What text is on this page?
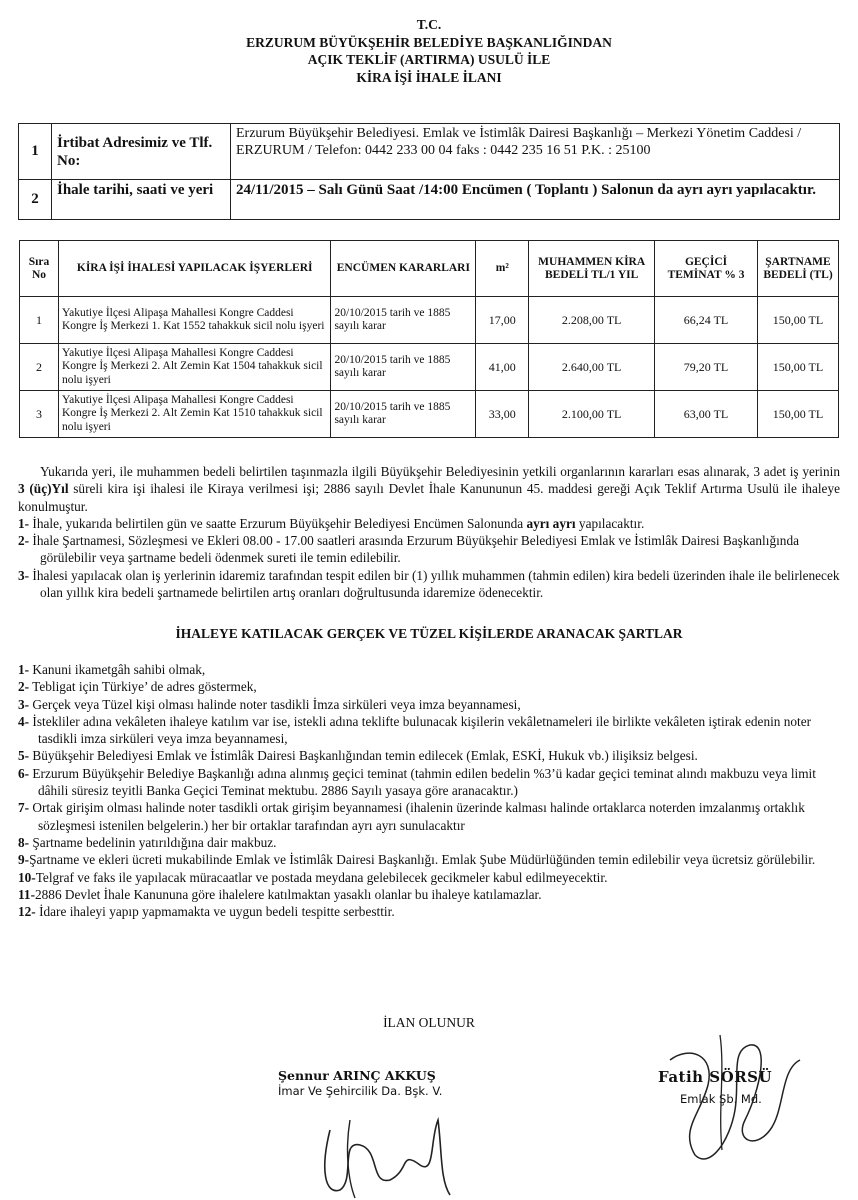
T.C.
ERZURUM BÜYÜKŞEHİR BELEDİYE BAŞKANLIĞINDAN
AÇIK TEKLİF (ARTIRMA) USULÜ İLE
KİRA İŞİ İHALE İLANI
1	İrtibat Adresimiz ve Tlf. No:	Erzurum Büyükşehir Belediyesi. Emlak ve İstimlâk Dairesi Başkanlığı – Merkezi Yönetim Caddesi / ERZURUM / Telefon: 0442 233 00 04 faks : 0442 235 16 51 P.K. : 25100
2	İhale tarihi, saati ve yeri	24/11/2015 – Salı Günü Saat /14:00 Encümen ( Toplantı ) Salonun da ayrı ayrı yapılacaktır.
Sıra No	KİRA İŞİ İHALESİ YAPILACAK İŞYERLERİ	ENCÜMEN KARARLARI	m²	MUHAMMEN KİRA BEDELİ TL/1 YIL	GEÇİCİ TEMİNAT % 3	ŞARTNAME BEDELİ (TL)
1	Yakutiye İlçesi Alipaşa Mahallesi Kongre Caddesi Kongre İş Merkezi 1. Kat 1552 tahakkuk sicil nolu işyeri	20/10/2015 tarih ve 1885 sayılı karar	17,00	2.208,00 TL	66,24 TL	150,00 TL
2	Yakutiye İlçesi Alipaşa Mahallesi Kongre Caddesi Kongre İş Merkezi 2. Alt Zemin Kat 1504 tahakkuk sicil nolu işyeri	20/10/2015 tarih ve 1885 sayılı karar	41,00	2.640,00 TL	79,20 TL	150,00 TL
3	Yakutiye İlçesi Alipaşa Mahallesi Kongre Caddesi Kongre İş Merkezi 2. Alt Zemin Kat 1510 tahakkuk sicil nolu işyeri	20/10/2015 tarih ve 1885 sayılı karar	33,00	2.100,00 TL	63,00 TL	150,00 TL

Yukarıda yeri, ile muhammen bedeli belirtilen taşınmazla ilgili Büyükşehir Belediyesinin yetkili organlarının kararları esas alınarak, 3 adet iş yerinin 3 (üç)Yıl süreli kira işi ihalesi ile Kiraya verilmesi işi; 2886 sayılı Devlet İhale Kanununun 45. maddesi gereği Açık Teklif Artırma Usulü ile ihaleye konulmuştur.

1- İhale, yukarıda belirtilen gün ve saatte Erzurum Büyükşehir Belediyesi Encümen Salonunda ayrı ayrı yapılacaktır.

2- İhale Şartnamesi, Sözleşmesi ve Ekleri 08.00 - 17.00 saatleri arasında Erzurum Büyükşehir Belediyesi Emlak ve İstimlâk Dairesi Başkanlığında görülebilir veya şartname bedeli ödenmek sureti ile temin edilebilir.

3- İhalesi yapılacak olan iş yerlerinin idaremiz tarafından tespit edilen bir (1) yıllık muhammen (tahmin edilen) kira bedeli üzerinden ihale ile belirlenecek olan yıllık kira bedeli şartnamede belirtilen artış oranları doğrultusunda idaremize ödenecektir.

İHALEYE KATILACAK GERÇEK VE TÜZEL KİŞİLERDE ARANACAK ŞARTLAR

1- Kanuni ikametgâh sahibi olmak,

2- Tebligat için Türkiye’ de adres göstermek,

3- Gerçek veya Tüzel kişi olması halinde noter tasdikli İmza sirküleri veya imza beyannamesi,

4- İstekliler adına vekâleten ihaleye katılım var ise, istekli adına teklifte bulunacak kişilerin vekâletnameleri ile birlikte vekâleten iştirak edenin noter tasdikli imza sirküleri veya imza beyannamesi,

5- Büyükşehir Belediyesi Emlak ve İstimlâk Dairesi Başkanlığından temin edilecek (Emlak, ESKİ, Hukuk vb.) ilişiksiz belgesi.

6- Erzurum Büyükşehir Belediye Başkanlığı adına alınmış geçici teminat (tahmin edilen bedelin %3’ü kadar geçici teminat alındı makbuzu veya limit dâhili süresiz teyitli Banka Geçici Teminat mektubu. 2886 Sayılı yasaya göre aranacaktır.)

7- Ortak girişim olması halinde noter tasdikli ortak girişim beyannamesi (ihalenin üzerinde kalması halinde ortaklarca noterden imzalanmış ortaklık sözleşmesi istenilen belgelerin.) her bir ortaklar tarafından ayrı ayrı sunulacaktır

8- Şartname bedelinin yatırıldığına dair makbuz.

9-Şartname ve ekleri ücreti mukabilinde Emlak ve İstimlâk Dairesi Başkanlığı. Emlak Şube Müdürlüğünden temin edilebilir veya ücretsiz görülebilir.

10-Telgraf ve faks ile yapılacak müracaatlar ve postada meydana gelebilecek gecikmeler kabul edilmeyecektir.

11-2886 Devlet İhale Kanununa göre ihalelere katılmaktan yasaklı olanlar bu ihaleye katılamazlar.

12- İdare ihaleyi yapıp yapmamakta ve uygun bedeli tespitte serbesttir.

İLAN OLUNUR
Şennur ARINÇ AKKUŞ
İmar Ve Şehircilik Da. Bşk. V.
Fatih SÖRSÜ
Emlak Şb. Md.
